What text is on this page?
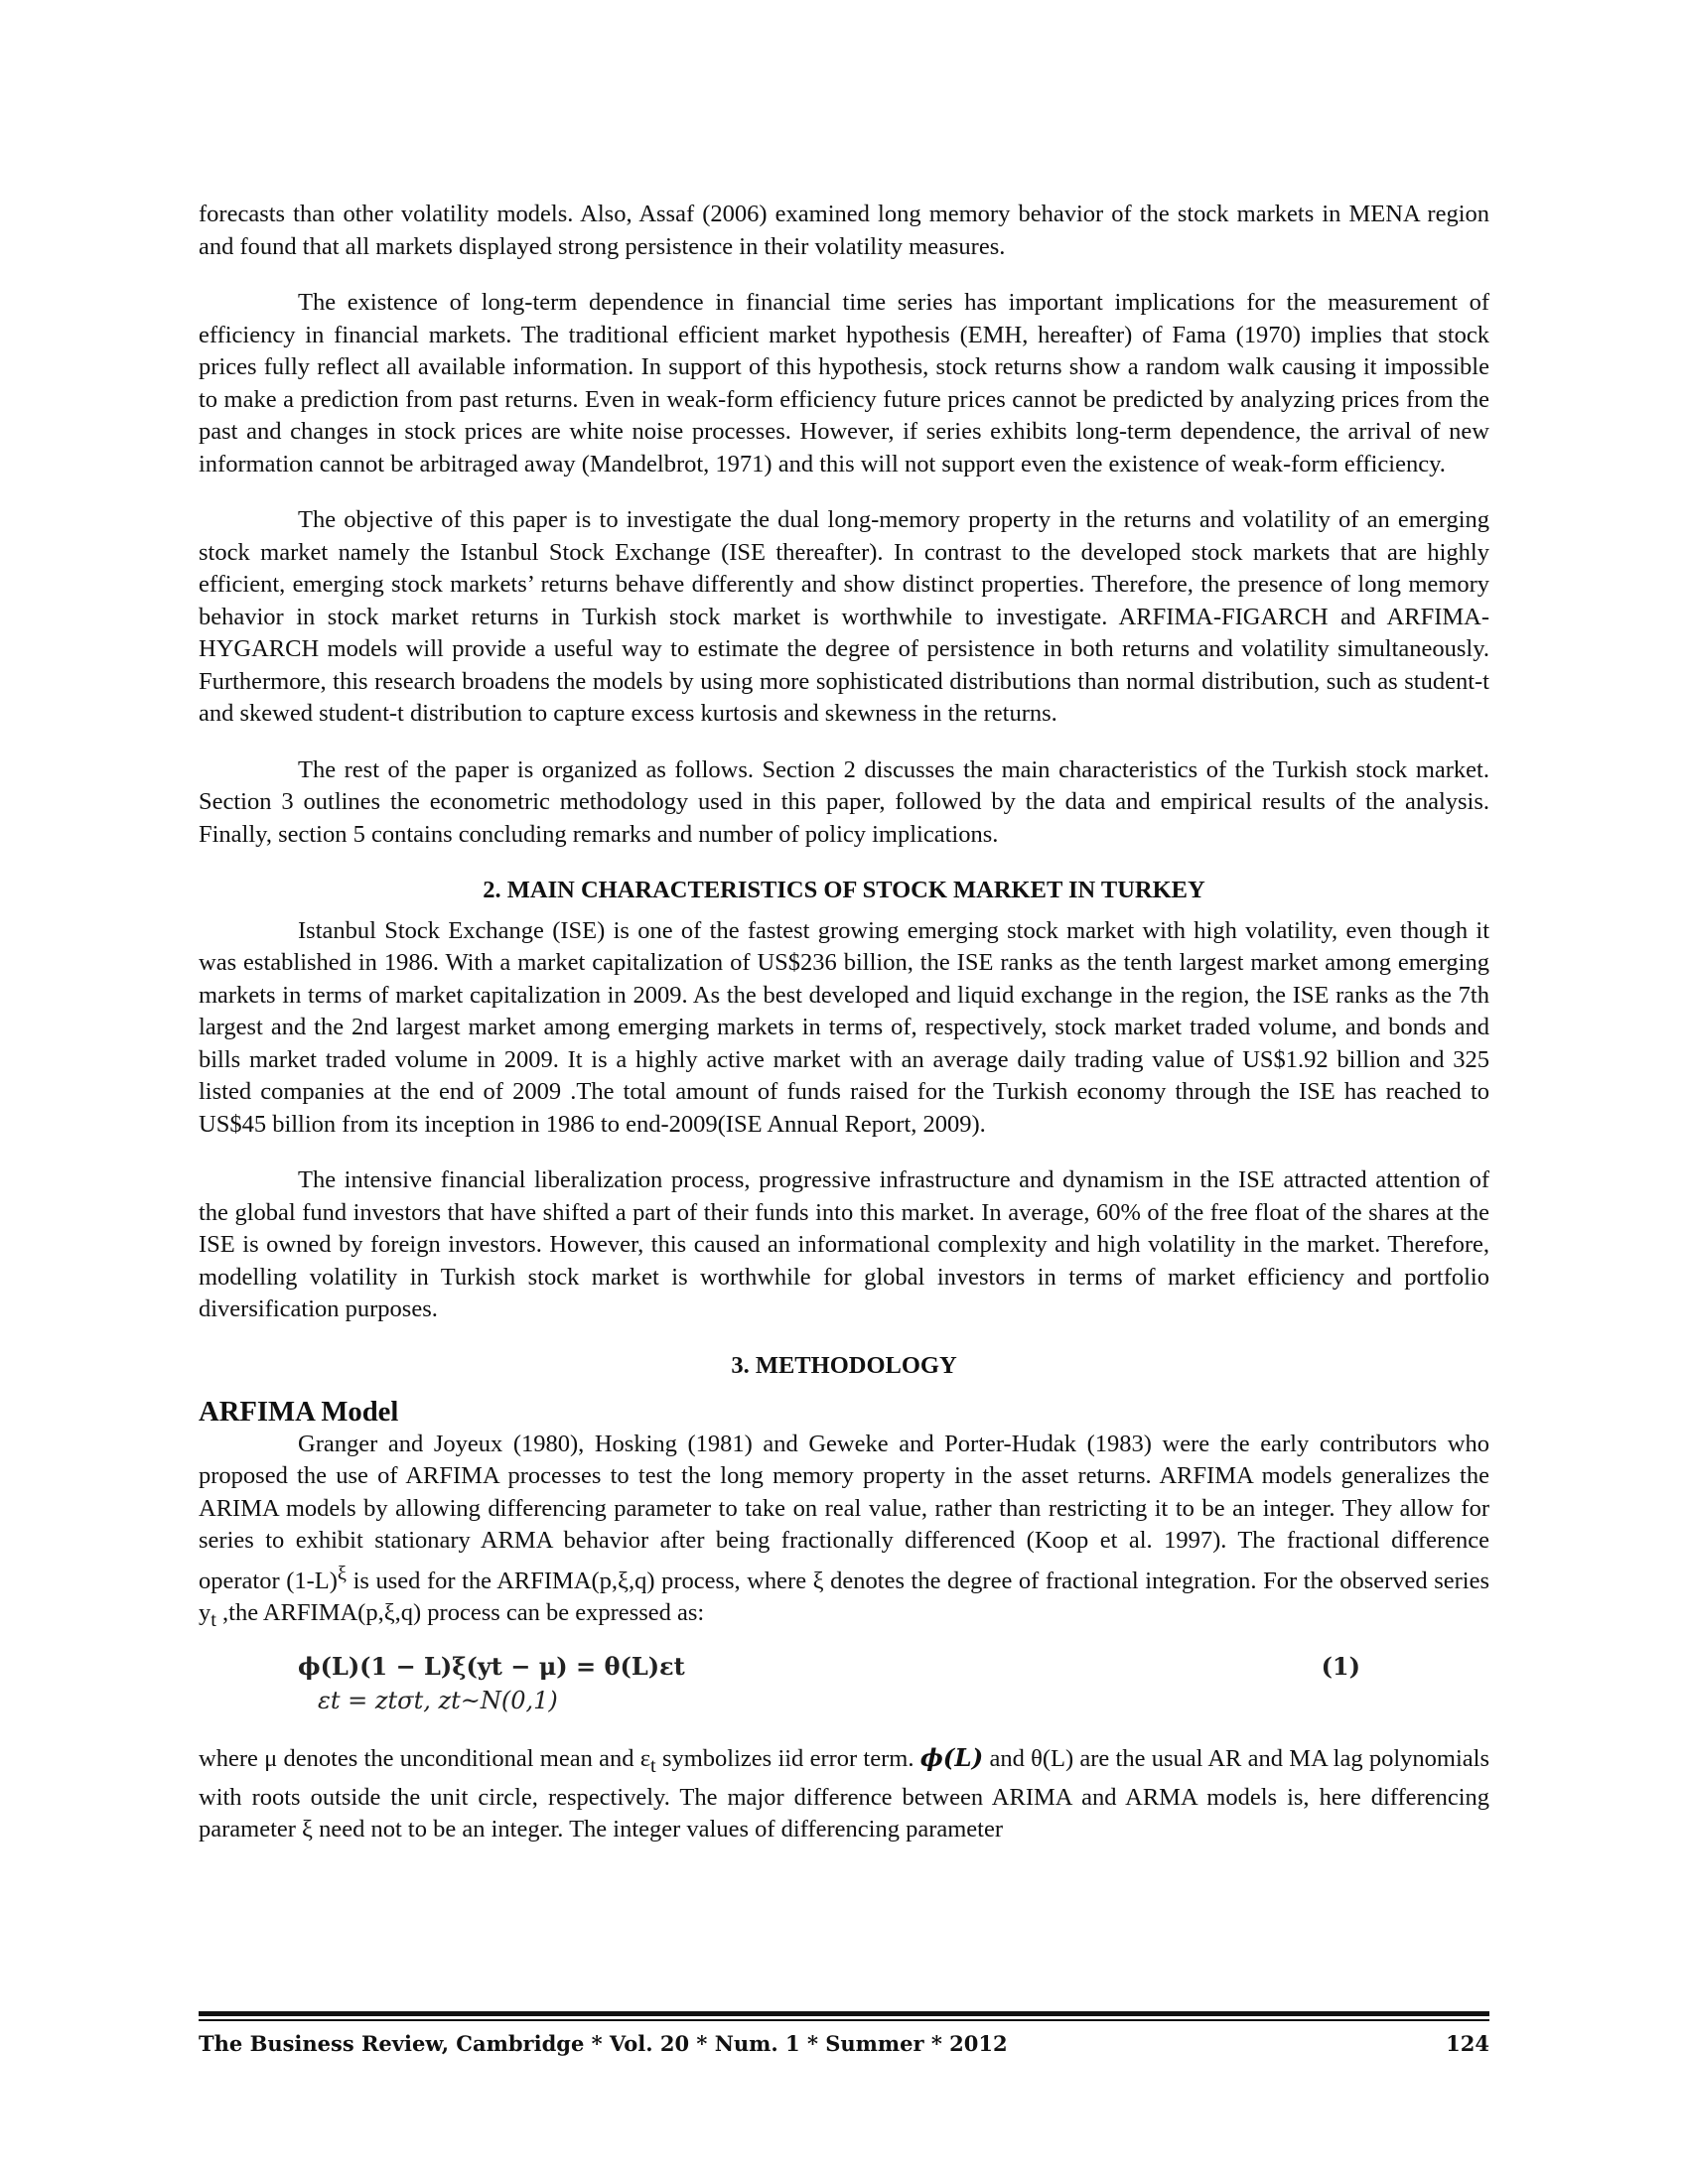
forecasts than other volatility models. Also, Assaf (2006) examined long memory behavior of the stock markets in MENA region and found that all markets displayed strong persistence in their volatility measures.

The existence of long-term dependence in financial time series has important implications for the measurement of efficiency in financial markets. The traditional efficient market hypothesis (EMH, hereafter) of Fama (1970) implies that stock prices fully reflect all available information. In support of this hypothesis, stock returns show a random walk causing it impossible to make a prediction from past returns. Even in weak-form efficiency future prices cannot be predicted by analyzing prices from the past and changes in stock prices are white noise processes. However, if series exhibits long-term dependence, the arrival of new information cannot be arbitraged away (Mandelbrot, 1971) and this will not support even the existence of weak-form efficiency.

The objective of this paper is to investigate the dual long-memory property in the returns and volatility of an emerging stock market namely the Istanbul Stock Exchange (ISE thereafter). In contrast to the developed stock markets that are highly efficient, emerging stock markets’ returns behave differently and show distinct properties. Therefore, the presence of long memory behavior in stock market returns in Turkish stock market is worthwhile to investigate. ARFIMA-FIGARCH and ARFIMA-HYGARCH models will provide a useful way to estimate the degree of persistence in both returns and volatility simultaneously. Furthermore, this research broadens the models by using more sophisticated distributions than normal distribution, such as student-t and skewed student-t distribution to capture excess kurtosis and skewness in the returns.

The rest of the paper is organized as follows. Section 2 discusses the main characteristics of the Turkish stock market. Section 3 outlines the econometric methodology used in this paper, followed by the data and empirical results of the analysis. Finally, section 5 contains concluding remarks and number of policy implications.

2. MAIN CHARACTERISTICS OF STOCK MARKET IN TURKEY

Istanbul Stock Exchange (ISE) is one of the fastest growing emerging stock market with high volatility, even though it was established in 1986. With a market capitalization of US$236 billion, the ISE ranks as the tenth largest market among emerging markets in terms of market capitalization in 2009. As the best developed and liquid exchange in the region, the ISE ranks as the 7th largest and the 2nd largest market among emerging markets in terms of, respectively, stock market traded volume, and bonds and bills market traded volume in 2009. It is a highly active market with an average daily trading value of US$1.92 billion and 325 listed companies at the end of 2009 .The total amount of funds raised for the Turkish economy through the ISE has reached to US$45 billion from its inception in 1986 to end-2009(ISE Annual Report, 2009).

The intensive financial liberalization process, progressive infrastructure and dynamism in the ISE attracted attention of the global fund investors that have shifted a part of their funds into this market. In average, 60% of the free float of the shares at the ISE is owned by foreign investors. However, this caused an informational complexity and high volatility in the market. Therefore, modelling volatility in Turkish stock market is worthwhile for global investors in terms of market efficiency and portfolio diversification purposes.

3. METHODOLOGY
ARFIMA Model

Granger and Joyeux (1980), Hosking (1981) and Geweke and Porter-Hudak (1983) were the early contributors who proposed the use of ARFIMA processes to test the long memory property in the asset returns. ARFIMA models generalizes the ARIMA models by allowing differencing parameter to take on real value, rather than restricting it to be an integer. They allow for series to exhibit stationary ARMA behavior after being fractionally differenced (Koop et al. 1997). The fractional difference operator $(1-L)^\xi$ is used for the ARFIMA(p,ξ,q) process, where ξ denotes the degree of fractional integration. For the observed series $y_t$ ,the ARFIMA(p,ξ,q) process can be expressed as:

ϕ(L)(1 − L)ξ(yt − μ) = θ(L)εt
εt = ztσt, zt~N(0,1)
(1)

where μ denotes the unconditional mean and $\varepsilon_t$ symbolizes iid error term. ϕ(L) and θ(L) are the usual AR and MA lag polynomials with roots outside the unit circle, respectively. The major difference between ARIMA and ARMA models is, here differencing parameter ξ need not to be an integer. The integer values of differencing parameter

The Business Review, Cambridge * Vol. 20 * Num. 1 * Summer * 2012	124
